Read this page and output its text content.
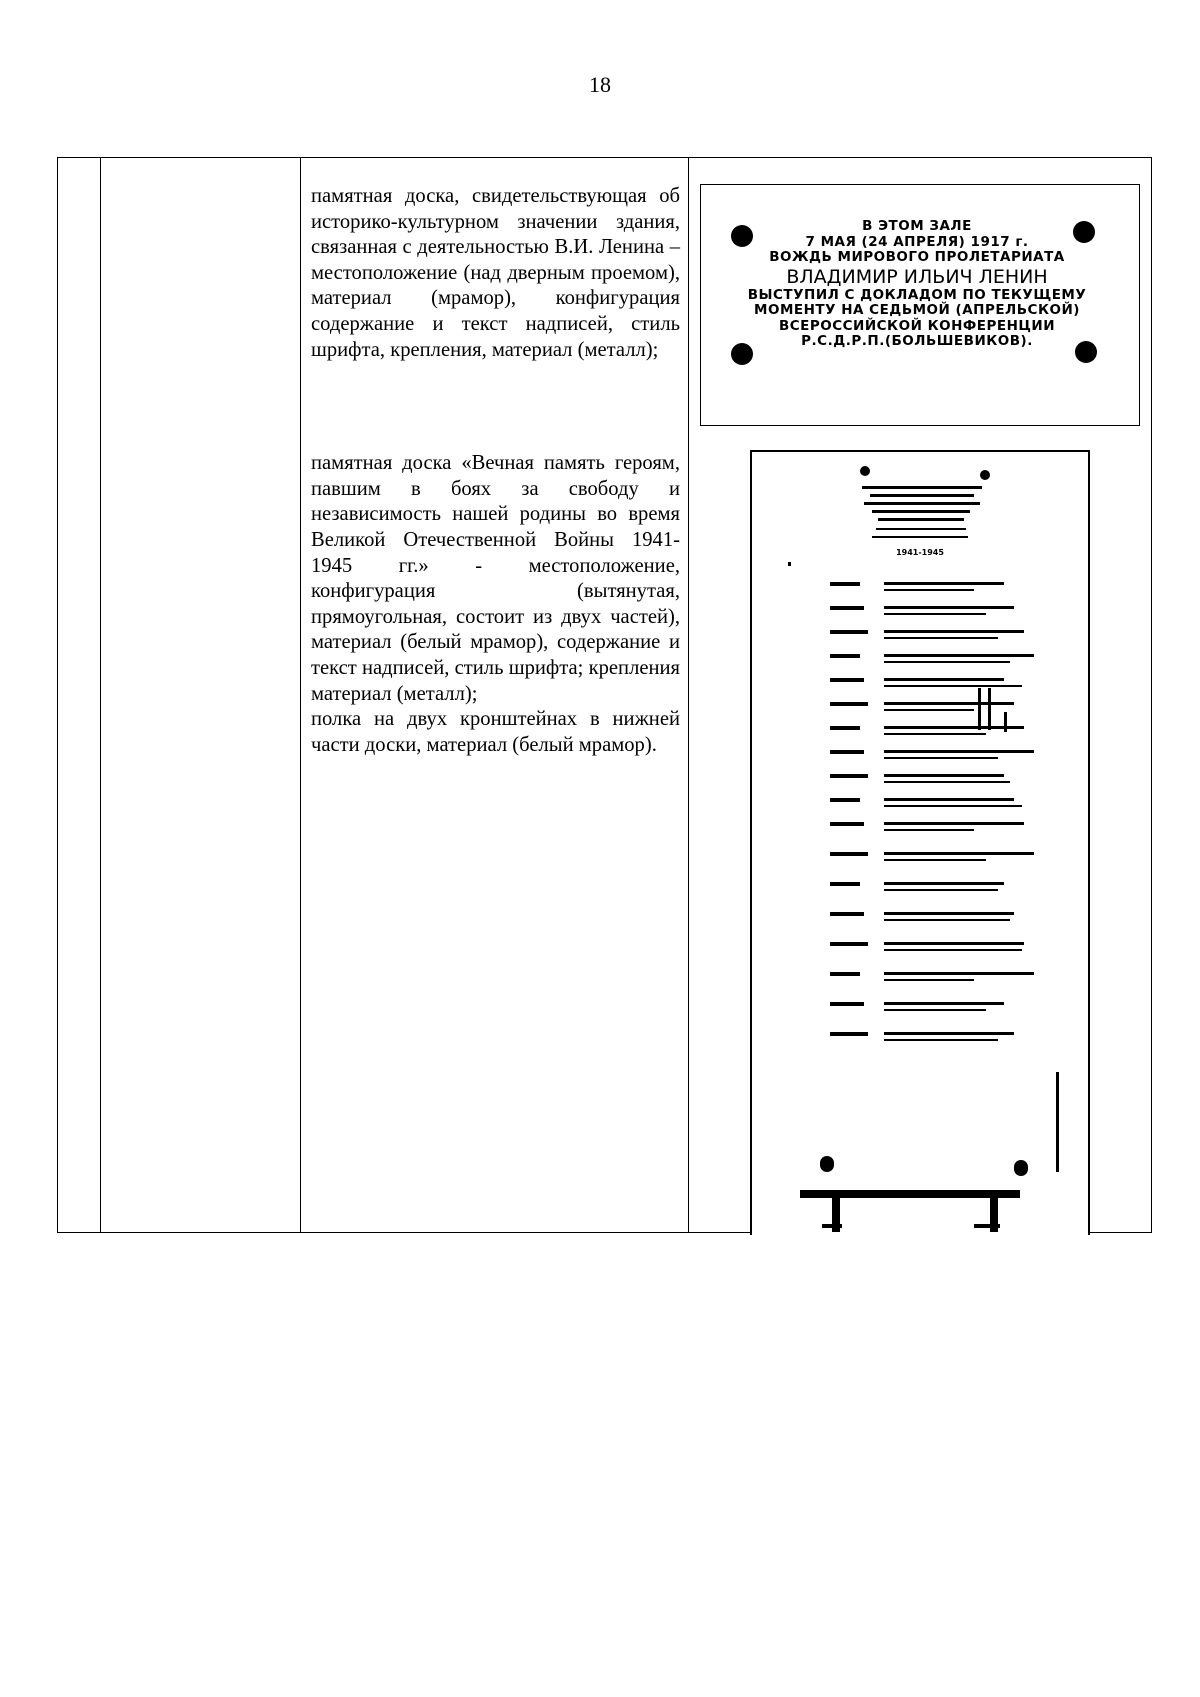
18

памятная доска, свидетельствующая об историко-культурном значении здания, связанная с деятельностью В.И. Ленина – местоположение (над дверным проемом), материал (мрамор), конфигурация содержание и текст надписей, стиль шрифта, крепления, материал (металл);

памятная доска «Вечная память героям, павшим в боях за свободу и независимость нашей родины во время Великой Отечественной Войны 1941-1945 гг.» - местоположение, конфигурация (вытянутая, прямоугольная, состоит из двух частей), материал (белый мрамор), содержание и текст надписей, стиль шрифта; крепления материал (металл);

полка на двух кронштейнах в нижней части доски, материал (белый мрамор).

В ЭТОМ ЗАЛЕ
7 МАЯ (24 АПРЕЛЯ) 1917 г.
ВОЖДЬ МИРОВОГО ПРОЛЕТАРИАТА
ВЛАДИМИР ИЛЬИЧ ЛЕНИН
ВЫСТУПИЛ С ДОКЛАДОМ ПО ТЕКУЩЕМУ
МОМЕНТУ НА СЕДЬМОЙ (АПРЕЛЬСКОЙ)
ВСЕРОССИЙСКОЙ КОНФЕРЕНЦИИ
Р.С.Д.Р.П.(БОЛЬШЕВИКОВ).
1941-1945
